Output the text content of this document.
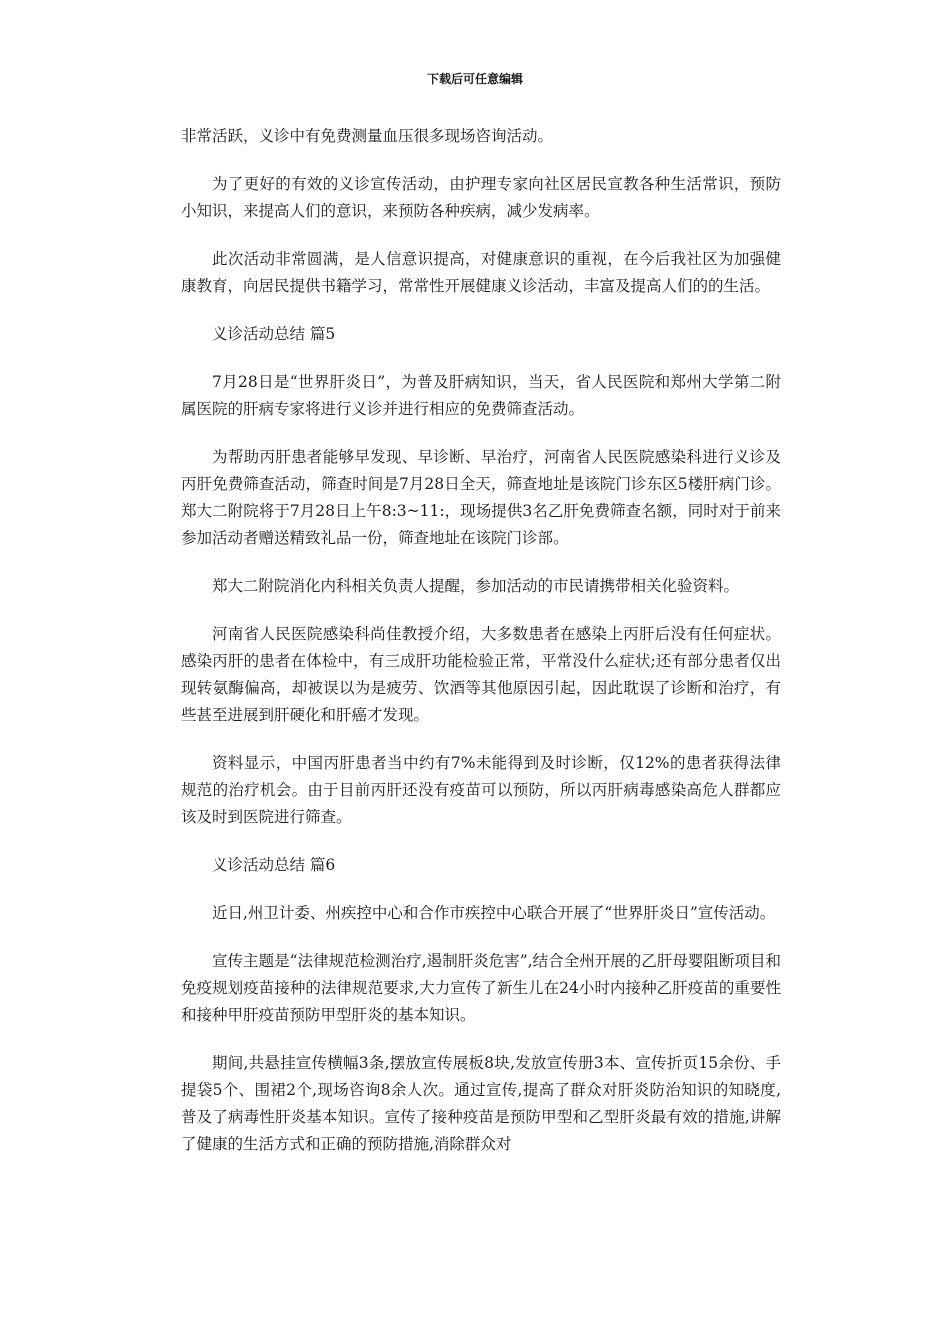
下载后可任意编辑

非常活跃，义诊中有免费测量血压很多现场咨询活动。

为了更好的有效的义诊宣传活动，由护理专家向社区居民宣教各种生活常识，预防小知识，来提高人们的意识，来预防各种疾病，减少发病率。

此次活动非常圆满，是人信意识提高，对健康意识的重视，在今后我社区为加强健康教育，向居民提供书籍学习，常常性开展健康义诊活动，丰富及提高人们的的生活。

义诊活动总结 篇5

7月28日是“世界肝炎日”，为普及肝病知识，当天，省人民医院和郑州大学第二附属医院的肝病专家将进行义诊并进行相应的免费筛查活动。

为帮助丙肝患者能够早发现、早诊断、早治疗，河南省人民医院感染科进行义诊及丙肝免费筛查活动，筛查时间是7月28日全天，筛查地址是该院门诊东区5楼肝病门诊。郑大二附院将于7月28日上午8:3~11:，现场提供3名乙肝免费筛查名额，同时对于前来参加活动者赠送精致礼品一份，筛查地址在该院门诊部。

郑大二附院消化内科相关负责人提醒，参加活动的市民请携带相关化验资料。

河南省人民医院感染科尚佳教授介绍，大多数患者在感染上丙肝后没有任何症状。感染丙肝的患者在体检中，有三成肝功能检验正常，平常没什么症状;还有部分患者仅出现转氨酶偏高，却被误以为是疲劳、饮酒等其他原因引起，因此耽误了诊断和治疗，有些甚至进展到肝硬化和肝癌才发现。

资料显示，中国丙肝患者当中约有7%未能得到及时诊断，仅12%的患者获得法律规范的治疗机会。由于目前丙肝还没有疫苗可以预防，所以丙肝病毒感染高危人群都应该及时到医院进行筛查。

义诊活动总结 篇6

近日,州卫计委、州疾控中心和合作市疾控中心联合开展了“世界肝炎日”宣传活动。

宣传主题是“法律规范检测治疗,遏制肝炎危害”,结合全州开展的乙肝母婴阻断项目和免疫规划疫苗接种的法律规范要求,大力宣传了新生儿在24小时内接种乙肝疫苗的重要性和接种甲肝疫苗预防甲型肝炎的基本知识。

期间,共悬挂宣传横幅3条,摆放宣传展板8块,发放宣传册3本、宣传折页15余份、手提袋5个、围裙2个,现场咨询8余人次。通过宣传,提高了群众对肝炎防治知识的知晓度,普及了病毒性肝炎基本知识。宣传了接种疫苗是预防甲型和乙型肝炎最有效的措施,讲解了健康的生活方式和正确的预防措施,消除群众对
